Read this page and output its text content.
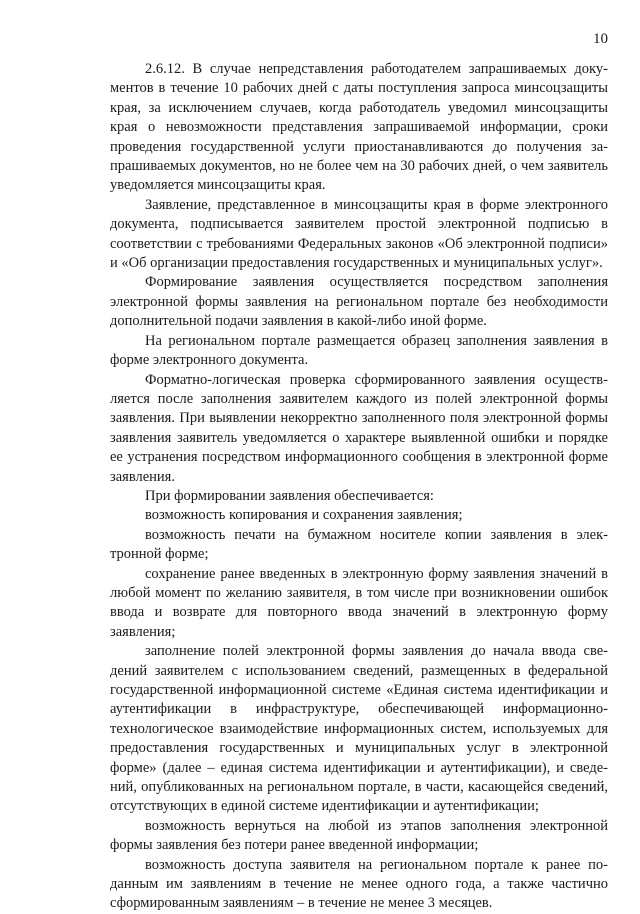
10

2.6.12. В случае непредставления работодателем запрашиваемых документов в течение 10 рабочих дней с даты поступления запроса минсоцзащиты края, за исключением случаев, когда работодатель уведомил минсоцзащиты края о невозможности представления запрашиваемой информации, сроки проведения государственной услуги приостанавливаются до получения запрашиваемых документов, но не более чем на 30 рабочих дней, о чем заявитель уведомляется минсоцзащиты края.

Заявление, представленное в минсоцзащиты края в форме электронного документа, подписывается заявителем простой электронной подписью в соответствии с требованиями Федеральных законов «Об электронной подписи» и «Об организации предоставления государственных и муниципальных услуг».

Формирование заявления осуществляется посредством заполнения электронной формы заявления на региональном портале без необходимости дополнительной подачи заявления в какой-либо иной форме.

На региональном портале размещается образец заполнения заявления в форме электронного документа.

Форматно-логическая проверка сформированного заявления осуществляется после заполнения заявителем каждого из полей электронной формы заявления. При выявлении некорректно заполненного поля электронной формы заявления заявитель уведомляется о характере выявленной ошибки и порядке ее устранения посредством информационного сообщения в электронной форме заявления.

При формировании заявления обеспечивается:

возможность копирования и сохранения заявления;

возможность печати на бумажном носителе копии заявления в электронной форме;

сохранение ранее введенных в электронную форму заявления значений в любой момент по желанию заявителя, в том числе при возникновении ошибок ввода и возврате для повторного ввода значений в электронную форму заявления;

заполнение полей электронной формы заявления до начала ввода сведений заявителем с использованием сведений, размещенных в федеральной государственной информационной системе «Единая система идентификации и аутентификации в инфраструктуре, обеспечивающей информационно-технологическое взаимодействие информационных систем, используемых для предоставления государственных и муниципальных услуг в электронной форме» (далее – единая система идентификации и аутентификации), и сведений, опубликованных на региональном портале, в части, касающейся сведений, отсутствующих в единой системе идентификации и аутентификации;

возможность вернуться на любой из этапов заполнения электронной формы заявления без потери ранее введенной информации;

возможность доступа заявителя на региональном портале к ранее поданным им заявлениям в течение не менее одного года, а также частично сформированным заявлениям – в течение не менее 3 месяцев.
